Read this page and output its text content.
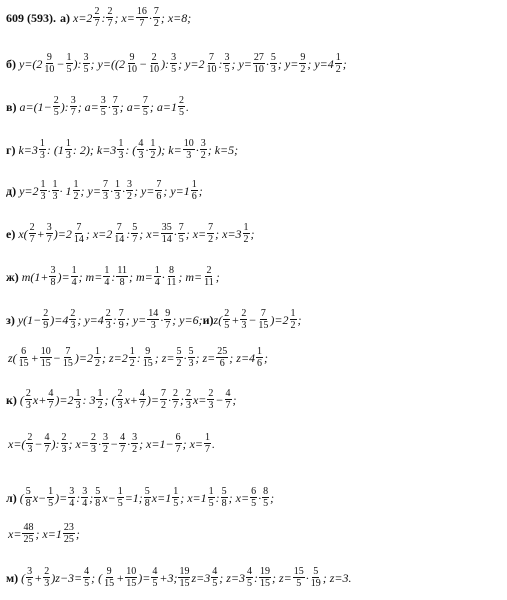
609 (593). а) $x=2 \frac{2}{7}$ : $\frac{2}{7}$ ; $x= \frac{16}{7} \cdot \frac{7}{2}$ ; x=8;
б) $y=(2 \frac{9}{10} - \frac{1}{5}$ ): $\frac{3}{5}$ ; $y=((2 \frac{9}{10} - \frac{2}{10}$ ): $\frac{3}{5}$ ; $y=2 \frac{7}{10}$ : $\frac{3}{5}$ ; $y= \frac{27}{10} \cdot \frac{5}{3}$ ; $y= \frac{9}{2}$ ; $y=4 \frac{1}{2}$ ;
в) $a=(1- \frac{2}{5}$ ): $\frac{3}{7}$ ; $a= \frac{3}{5} \cdot \frac{7}{3}$ ; $a= \frac{7}{5}$ ; $a=1 \frac{2}{5}$ .
г) $k=3 \frac{1}{3}$ : ($1 \frac{1}{3}$ : 2); $k=3 \frac{1}{3}$ : ( $\frac{4}{3} \cdot \frac{1}{2}$ ); $k= \frac{10}{3} \cdot \frac{3}{2}$ ; k=5;
д) $y=2 \frac{1}{3} \cdot \frac{1}{3} \cdot 1 \frac{1}{2}$ ; $y= \frac{7}{3} \cdot \frac{1}{3} \cdot \frac{3}{2}$ ; $y= \frac{7}{6}$ ; $y=1 \frac{1}{6}$ ;
е) $x( \frac{2}{7} + \frac{3}{7} )=2 \frac{7}{14}$ ; $x=2 \frac{7}{14}$ : $\frac{5}{7}$ ; $x= \frac{35}{14} \cdot \frac{7}{5}$ ; $x= \frac{7}{2}$ ; $x=3 \frac{1}{2}$ ;
ж) $m(1+ \frac{3}{8}$ )= $\frac{1}{4}$ ; $m= \frac{1}{4}$ : $\frac{11}{8}$ ; $m= \frac{1}{4} \cdot \frac{8}{11}$ ; $m= \frac{2}{11}$ ;
з) $y(1- \frac{2}{9} )=4 \frac{2}{3}$ ; $y=4 \frac{2}{3}$ : $\frac{7}{9}$ ; $y= \frac{14}{3} \cdot \frac{9}{7}$ ; y=6; и) $z( \frac{2}{5} + \frac{2}{3} - \frac{7}{15} )=2 \frac{1}{2}$ ;
$z( \frac{6}{15} + \frac{10}{15} - \frac{7}{15} )=2 \frac{1}{2}$ ; $z=2 \frac{1}{2}$ : $\frac{9}{15}$ ; $z= \frac{5}{2} \cdot \frac{5}{3}$ ; $z= \frac{25}{6}$ ; $z=4 \frac{1}{6}$ ;
к) ( $\frac{2}{3} x+ \frac{4}{7} )=2 \frac{1}{3}$ : $3 \frac{1}{2}$ ; ( $\frac{2}{3} x+ \frac{4}{7}$ )= $\frac{7}{2} \cdot \frac{2}{7}$ ; $\frac{2}{3} x= \frac{2}{3} - \frac{4}{7}$ ;
$x=( \frac{2}{3} - \frac{4}{7}$ ): $\frac{2}{3}$ ; $x= \frac{2}{3} \cdot \frac{3}{2} - \frac{4}{7} \cdot \frac{3}{2}$ ; $x=1- \frac{6}{7}$ ; $x= \frac{1}{7}$ .
л) ( $\frac{5}{8} x- \frac{1}{5}$ )= $\frac{3}{4}$ : $\frac{3}{4}$ ; $\frac{5}{8} x- \frac{1}{5} =1$; $\frac{5}{8} x=1 \frac{1}{5}$ ; $x=1 \frac{1}{5}$ : $\frac{5}{8}$ ; $x= \frac{6}{5} \cdot \frac{8}{5}$ ;
$x= \frac{48}{25}$ ; $x=1 \frac{23}{25}$ ;
м) ( $\frac{3}{5} + \frac{2}{3} )z-3= \frac{4}{5}$ ; ( $\frac{9}{15} + \frac{10}{15}$ )= $\frac{4}{5} +3$; $\frac{19}{15} z=3 \frac{4}{5}$ ; $z=3 \frac{4}{5}$ : $\frac{19}{15}$ ; $z= \frac{15}{5} \cdot \frac{5}{19}$ ; z=3.
